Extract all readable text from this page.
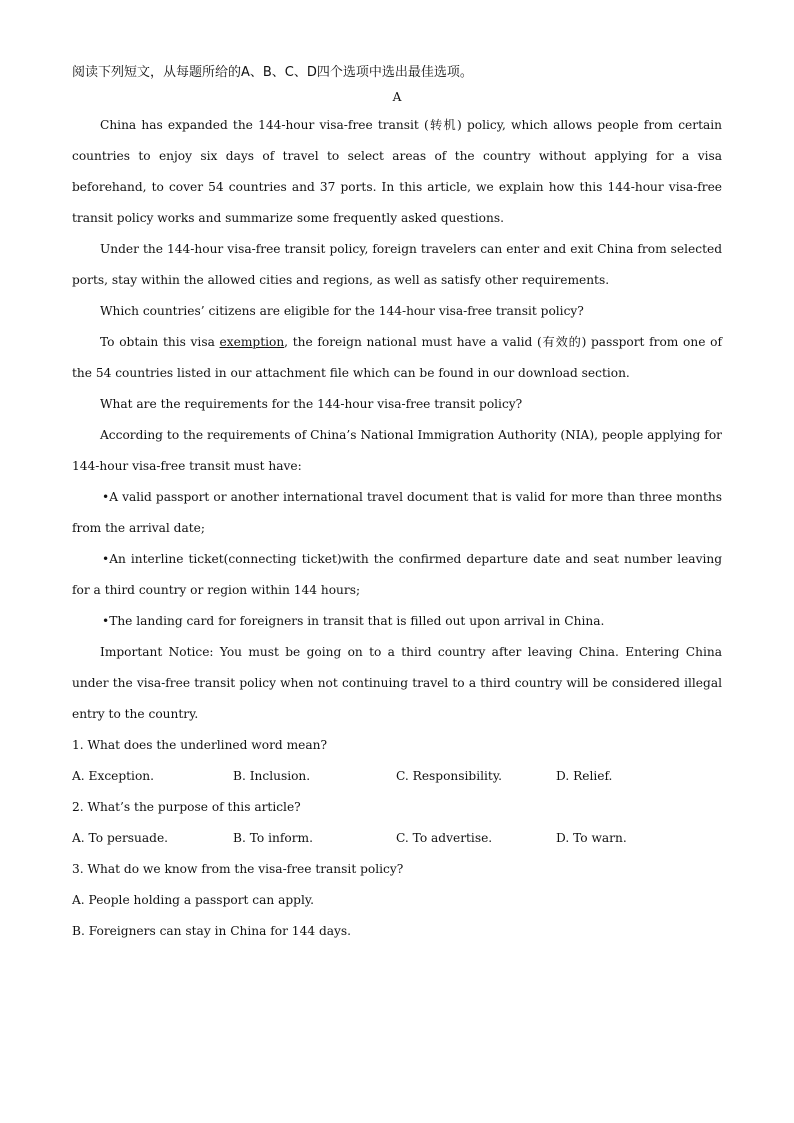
阅读下列短文，从每题所给的A、B、C、D四个选项中选出最佳选项。
A
China has expanded the 144-hour visa-free transit (转机) policy, which allows people from certain countries to enjoy six days of travel to select areas of the country without applying for a visa beforehand, to cover 54 countries and 37 ports. In this article, we explain how this 144-hour visa-free transit policy works and summarize some frequently asked questions.
Under the 144-hour visa-free transit policy, foreign travelers can enter and exit China from selected ports, stay within the allowed cities and regions, as well as satisfy other requirements.
Which countries’ citizens are eligible for the 144-hour visa-free transit policy?
To obtain this visa exemption, the foreign national must have a valid (有效的) passport from one of the 54 countries listed in our attachment file which can be found in our download section.
What are the requirements for the 144-hour visa-free transit policy?
According to the requirements of China’s National Immigration Authority (NIA), people applying for 144-hour visa-free transit must have:
•A valid passport or another international travel document that is valid for more than three months from the arrival date;
•An interline ticket(connecting ticket)with the confirmed departure date and seat number leaving for a third country or region within 144 hours;
•The landing card for foreigners in transit that is filled out upon arrival in China.
Important Notice: You must be going on to a third country after leaving China. Entering China under the visa-free transit policy when not continuing travel to a third country will be considered illegal entry to the country.
1. What does the underlined word mean?
A. Exception.	B. Inclusion.	C. Responsibility.	D. Relief.
2. What’s the purpose of this article?
A. To persuade.	B. To inform.	C. To advertise.	D. To warn.
3. What do we know from the visa-free transit policy?
A. People holding a passport can apply.
B. Foreigners can stay in China for 144 days.
